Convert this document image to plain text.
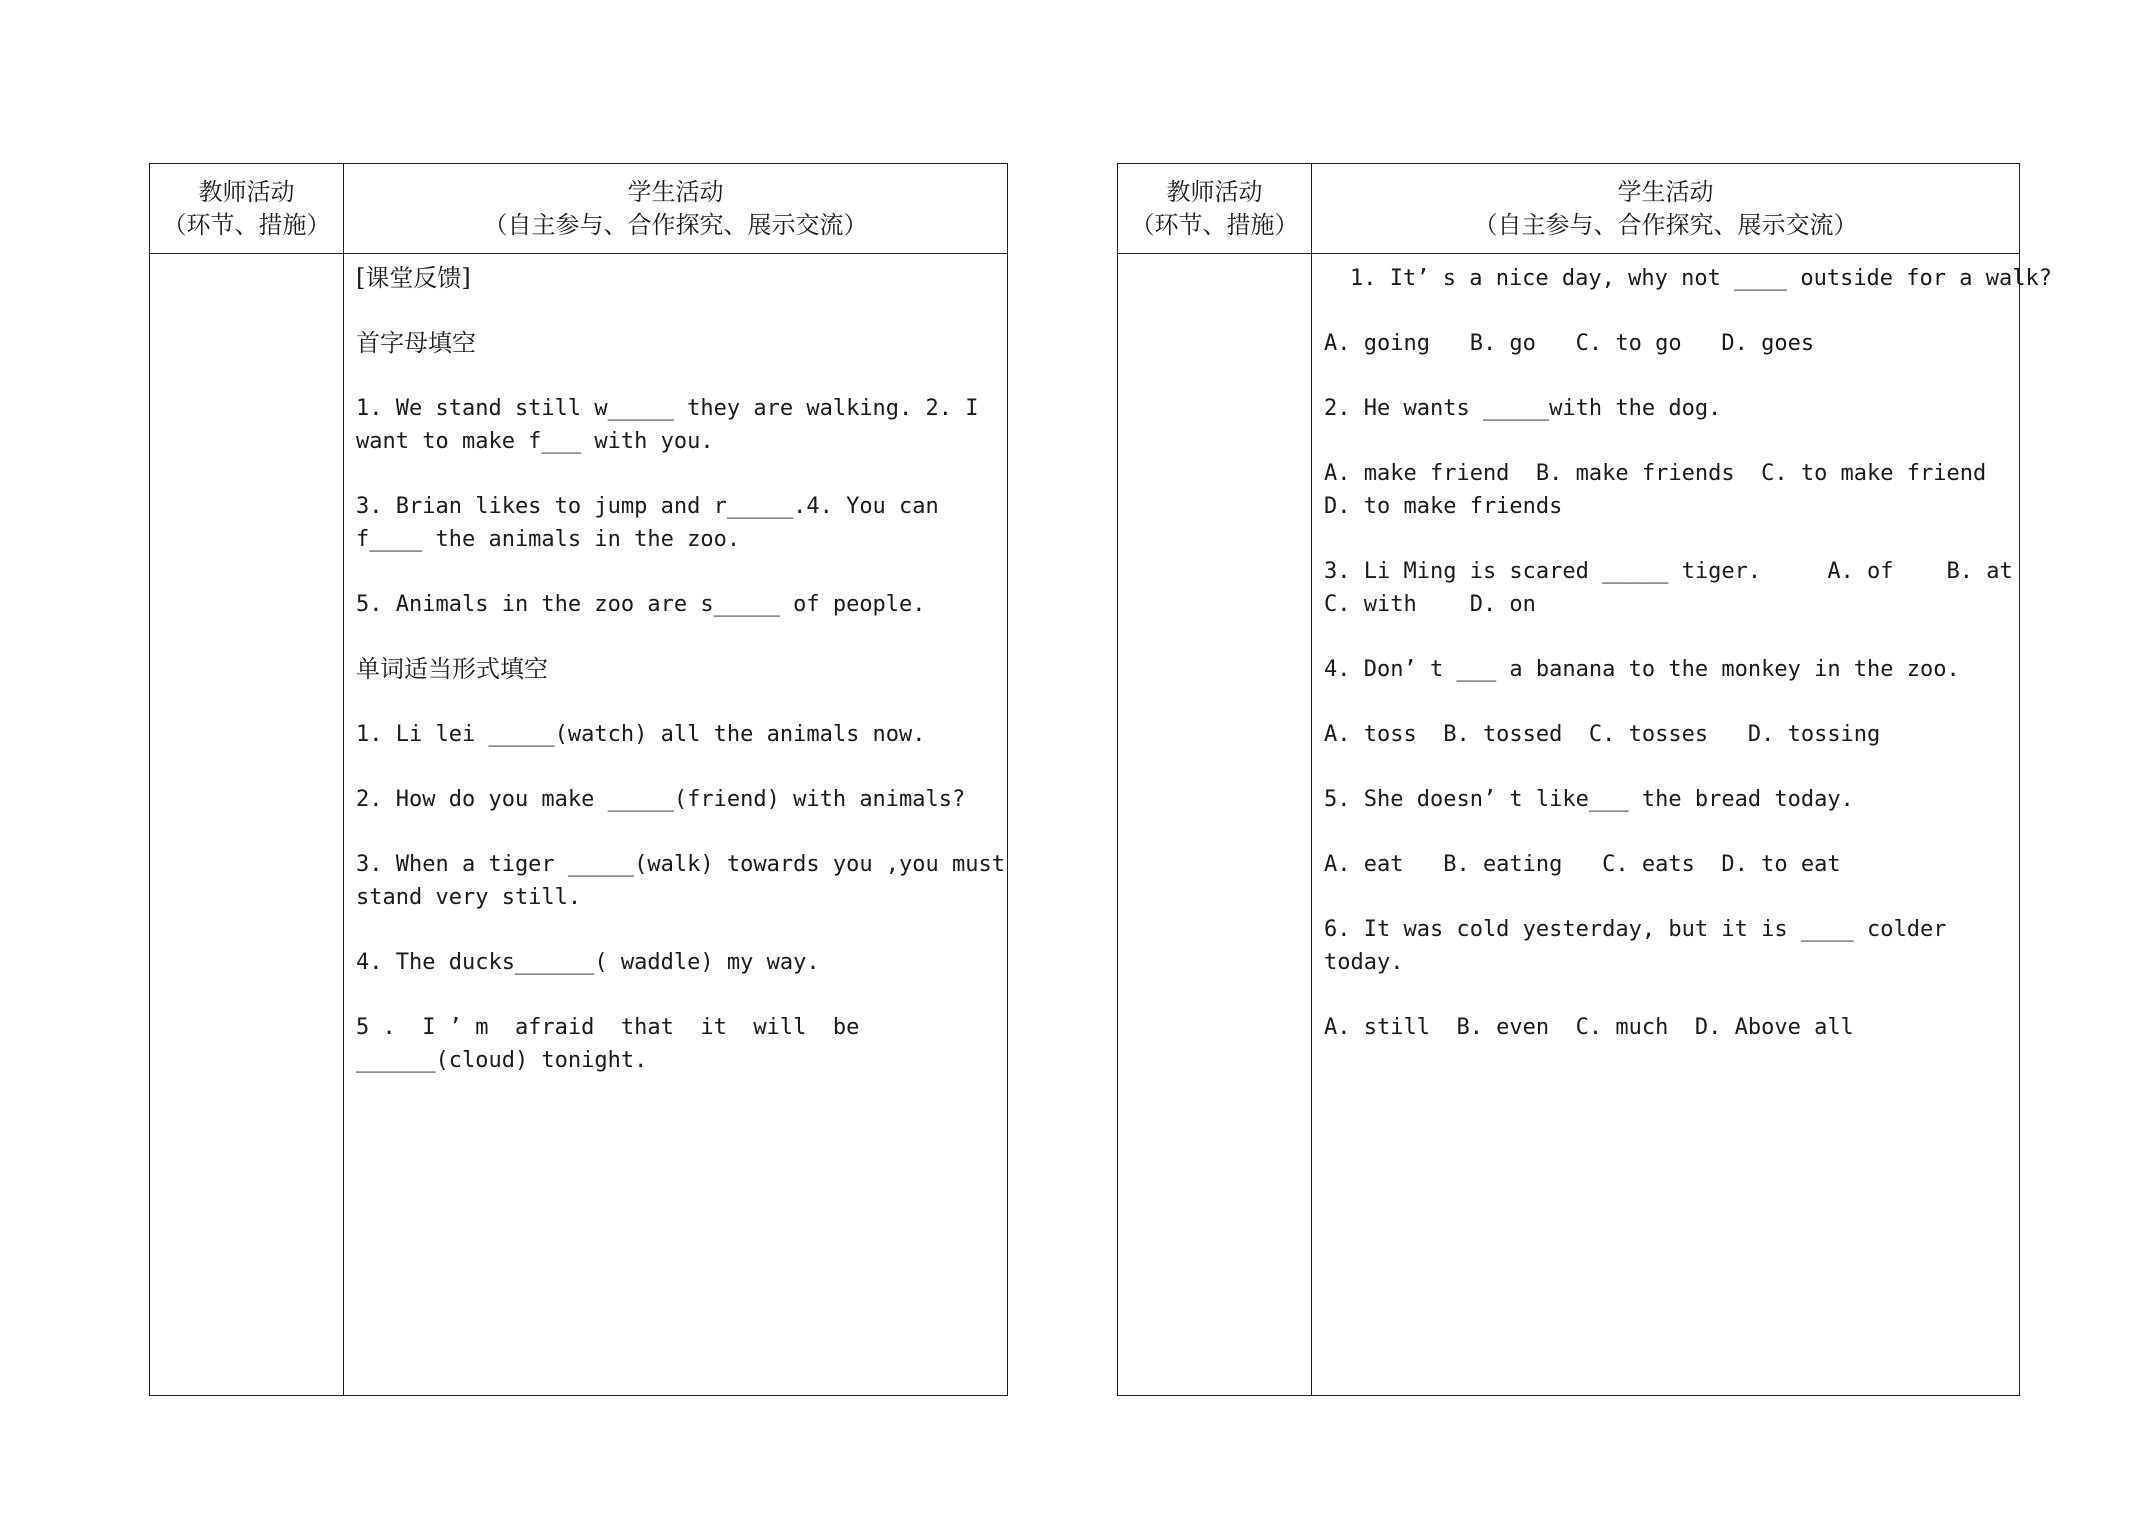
教师活动
（环节、措施）
学生活动
（自主参与、合作探究、展示交流）

[课堂反馈]

首字母填空

1. We stand still w_____ they are walking. 2. I want to make f___ with you.

3. Brian likes to jump and r_____.4. You can f____ the animals in the zoo.

5. Animals in the zoo are s_____ of people.

单词适当形式填空

1. Li lei _____(watch) all the animals now.

2. How do you make _____(friend) with animals?

3. When a tiger _____(walk) towards you ,you must stand very still.

4. The ducks______( waddle) my way.

5 .  I ’ m  afraid  that  it  will  be  ______(cloud) tonight.

教师活动
（环节、措施）
学生活动
（自主参与、合作探究、展示交流）

1. It’ s a nice day, why not ____ outside for a walk?

A. going   B. go   C. to go   D. goes

2. He wants _____with the dog.

A. make friend  B. make friends  C. to make friend   D. to make friends

3. Li Ming is scared _____ tiger.     A. of    B. at    C. with    D. on

4. Don’ t ___ a banana to the monkey in the zoo.

A. toss  B. tossed  C. tosses   D. tossing

5. She doesn’ t like___ the bread today.

A. eat   B. eating   C. eats  D. to eat

6. It was cold yesterday, but it is ____ colder today.

A. still  B. even  C. much  D. Above all
